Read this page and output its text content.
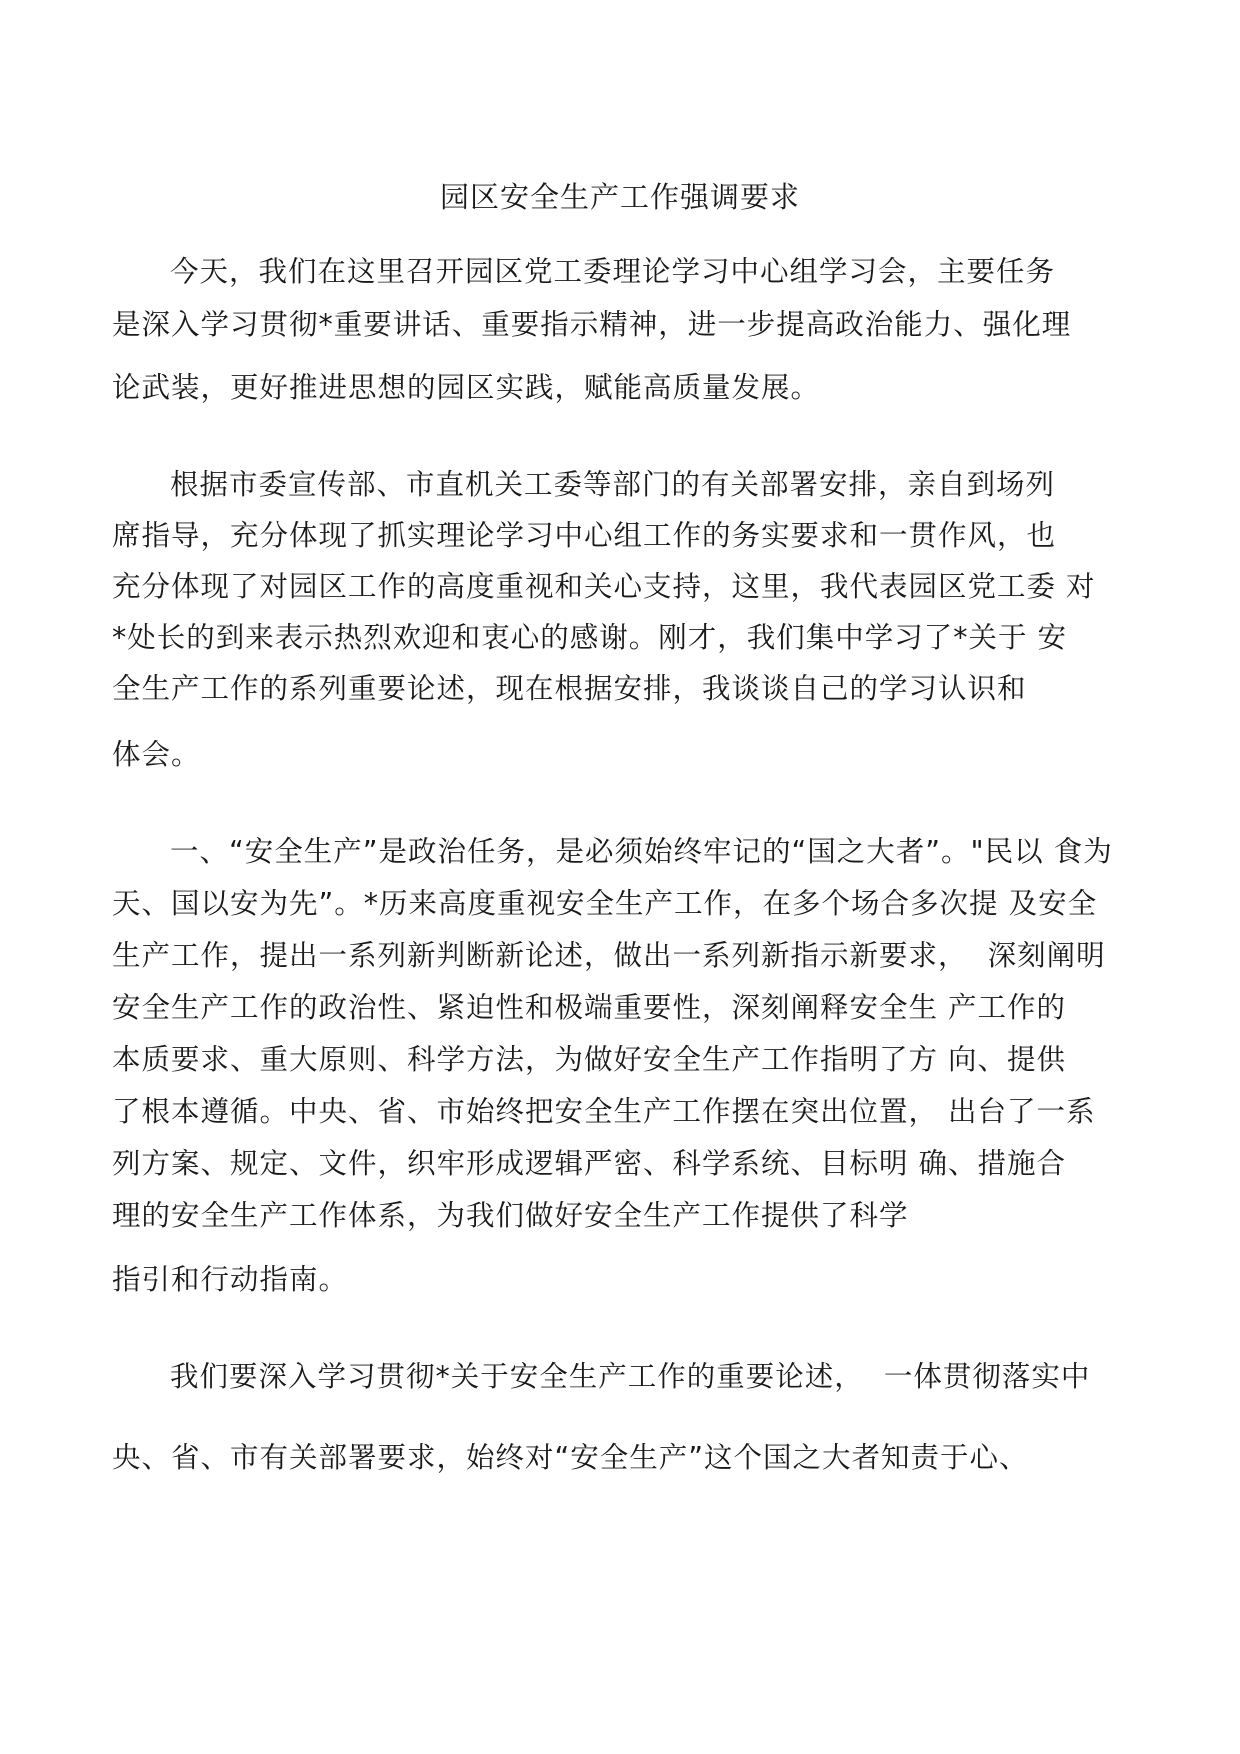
园区安全生产工作强调要求
今天，我们在这里召开园区党工委理论学习中心组学习会，主要任务
是深入学习贯彻*重要讲话、重要指示精神，进一步提高政治能力、强化理
论武装，更好推进思想的园区实践，赋能高质量发展。
根据市委宣传部、市直机关工委等部门的有关部署安排，亲自到场列
席指导，充分体现了抓实理论学习中心组工作的务实要求和一贯作风，也
充分体现了对园区工作的高度重视和关心支持，这里，我代表园区党工委 对
*处长的到来表示热烈欢迎和衷心的感谢。刚才，我们集中学习了*关于 安
全生产工作的系列重要论述，现在根据安排，我谈谈自己的学习认识和
体会。
一、“安全生产”是政治任务，是必须始终牢记的“国之大者”。"民以 食为
天、国以安为先”。*历来高度重视安全生产工作，在多个场合多次提 及安全
生产工作，提出一系列新判断新论述，做出一系列新指示新要求，  深刻阐明
安全生产工作的政治性、紧迫性和极端重要性，深刻阐释安全生 产工作的
本质要求、重大原则、科学方法，为做好安全生产工作指明了方 向、提供
了根本遵循。中央、省、市始终把安全生产工作摆在突出位置， 出台了一系
列方案、规定、文件，织牢形成逻辑严密、科学系统、目标明 确、措施合
理的安全生产工作体系，为我们做好安全生产工作提供了科学
指引和行动指南。
我们要深入学习贯彻*关于安全生产工作的重要论述，  一体贯彻落实中
央、省、市有关部署要求，始终对“安全生产”这个国之大者知责于心、
